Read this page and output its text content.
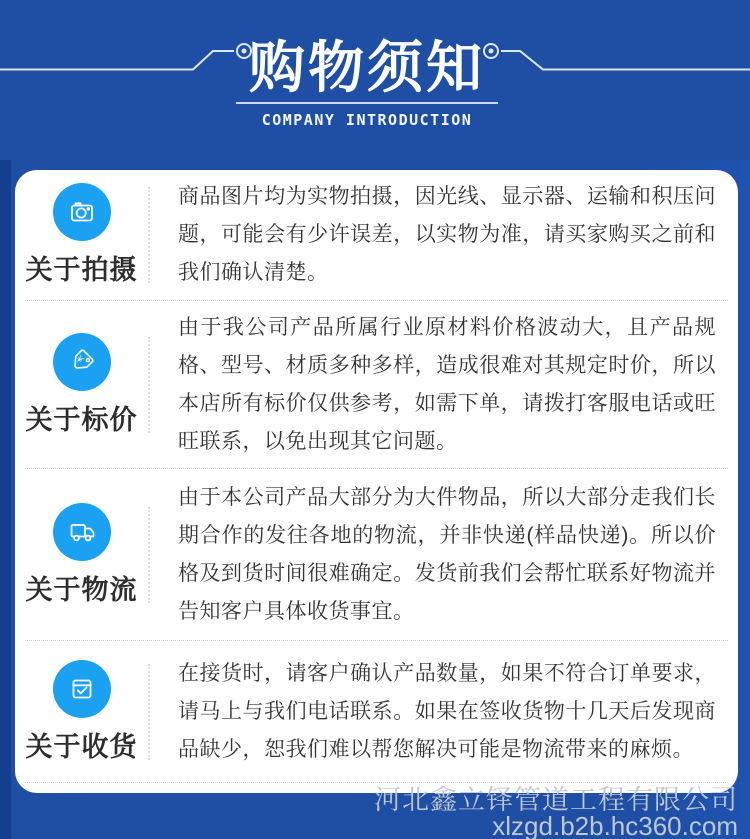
购物须知
COMPANY INTRODUCTION
关于拍摄
商品图片均为实物拍摄，因光线、显示器、运输和积压问题，可能会有少许误差，以实物为准，请买家购买之前和我们确认清楚。
¥
关于标价
由于我公司产品所属行业原材料价格波动大，且产品规格、型号、材质多种多样，造成很难对其规定时价，所以本店所有标价仅供参考，如需下单，请拨打客服电话或旺旺联系，以免出现其它问题。
关于物流
由于本公司产品大部分为大件物品，所以大部分走我们长期合作的发往各地的物流，并非快递(样品快递)。所以价格及到货时间很难确定。发货前我们会帮忙联系好物流并告知客户具体收货事宜。
关于收货
在接货时，请客户确认产品数量，如果不符合订单要求，请马上与我们电话联系。如果在签收货物十几天后发现商品缺少，恕我们难以帮您解决可能是物流带来的麻烦。
河北鑫立铎管道工程有限公司
xlzgd.b2b.hc360.com
